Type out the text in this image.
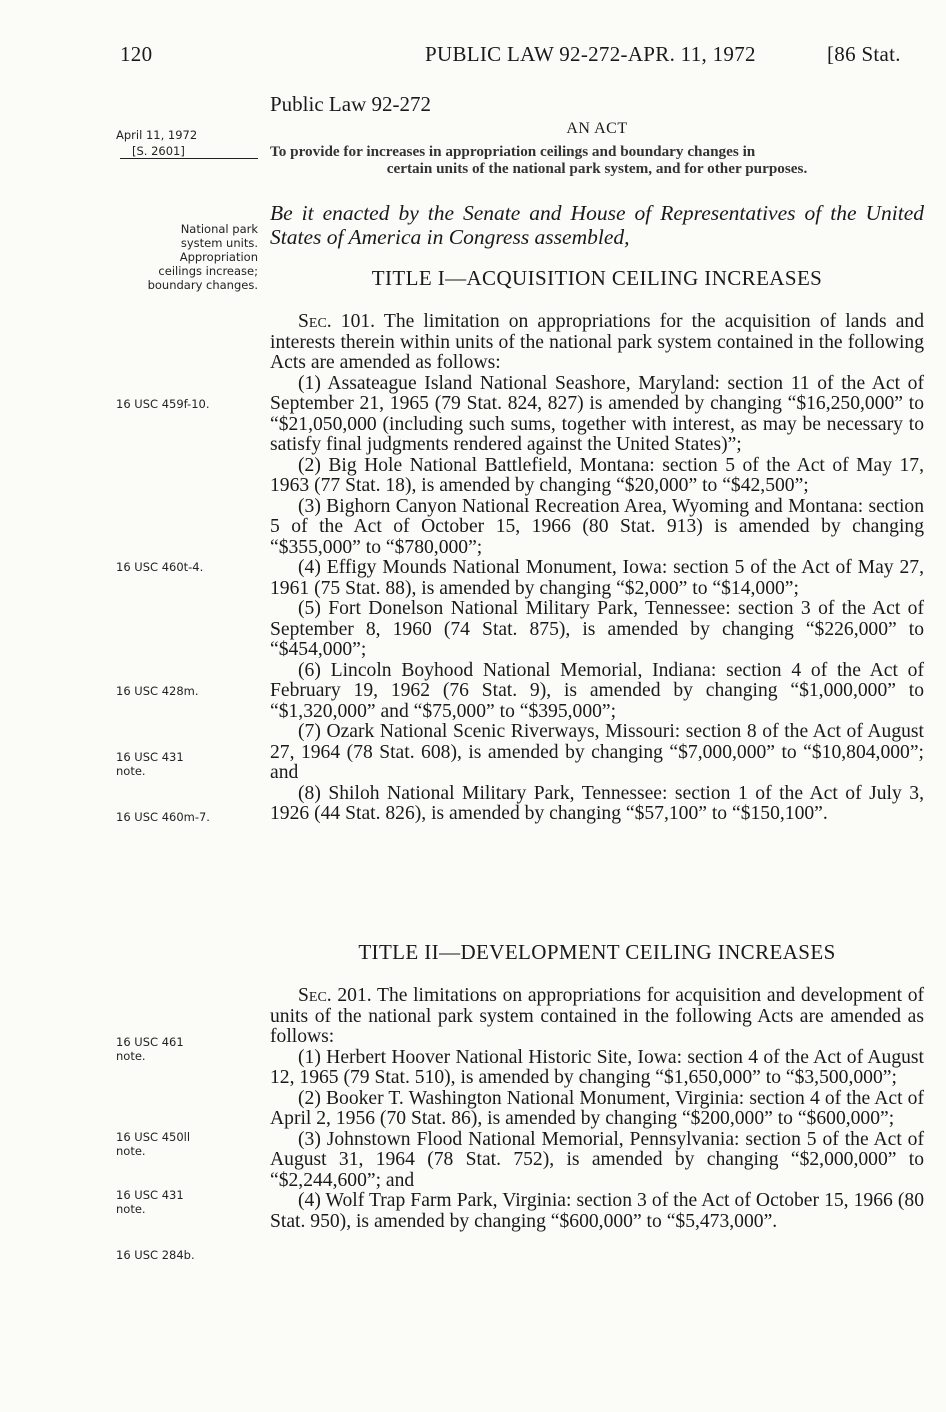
120	PUBLIC LAW 92-272-APR. 11, 1972	[86 Stat.
April 11, 1972
[S. 2601]
National park
system units.
Appropriation
ceilings increase;
boundary changes.
16 USC 459f-10.
16 USC 460t-4.
16 USC 428m.
16 USC 431 note.
16 USC 460m-7.
16 USC 461 note.
16 USC 450ll note.
16 USC 431 note.
16 USC 284b.
Public Law 92-272
AN ACT
To provide for increases in appropriation ceilings and boundary changes in
certain units of the national park system, and for other purposes.
Be it enacted by the Senate and House of Representatives of the United States of America in Congress assembled,
TITLE I—ACQUISITION CEILING INCREASES

Sec. 101. The limitation on appropriations for the acquisition of lands and interests therein within units of the national park system contained in the following Acts are amended as follows:

(1) Assateague Island National Seashore, Maryland: section 11 of the Act of September 21, 1965 (79 Stat. 824, 827) is amended by changing “$16,250,000” to “$21,050,000 (including such sums, together with interest, as may be necessary to satisfy final judgments rendered against the United States)”;

(2) Big Hole National Battlefield, Montana: section 5 of the Act of May 17, 1963 (77 Stat. 18), is amended by changing “$20,000” to “$42,500”;

(3) Bighorn Canyon National Recreation Area, Wyoming and Montana: section 5 of the Act of October 15, 1966 (80 Stat. 913) is amended by changing “$355,000” to “$780,000”;

(4) Effigy Mounds National Monument, Iowa: section 5 of the Act of May 27, 1961 (75 Stat. 88), is amended by changing “$2,000” to “$14,000”;

(5) Fort Donelson National Military Park, Tennessee: section 3 of the Act of September 8, 1960 (74 Stat. 875), is amended by changing “$226,000” to “$454,000”;

(6) Lincoln Boyhood National Memorial, Indiana: section 4 of the Act of February 19, 1962 (76 Stat. 9), is amended by changing “$1,000,000” to “$1,320,000” and “$75,000” to “$395,000”;

(7) Ozark National Scenic Riverways, Missouri: section 8 of the Act of August 27, 1964 (78 Stat. 608), is amended by changing “$7,000,000” to “$10,804,000”; and

(8) Shiloh National Military Park, Tennessee: section 1 of the Act of July 3, 1926 (44 Stat. 826), is amended by changing “$57,100” to “$150,100”.

TITLE II—DEVELOPMENT CEILING INCREASES

Sec. 201. The limitations on appropriations for acquisition and development of units of the national park system contained in the following Acts are amended as follows:

(1) Herbert Hoover National Historic Site, Iowa: section 4 of the Act of August 12, 1965 (79 Stat. 510), is amended by changing “$1,650,000” to “$3,500,000”;

(2) Booker T. Washington National Monument, Virginia: section 4 of the Act of April 2, 1956 (70 Stat. 86), is amended by changing “$200,000” to “$600,000”;

(3) Johnstown Flood National Memorial, Pennsylvania: section 5 of the Act of August 31, 1964 (78 Stat. 752), is amended by changing “$2,000,000” to “$2,244,600”; and

(4) Wolf Trap Farm Park, Virginia: section 3 of the Act of October 15, 1966 (80 Stat. 950), is amended by changing “$600,000” to “$5,473,000”.
